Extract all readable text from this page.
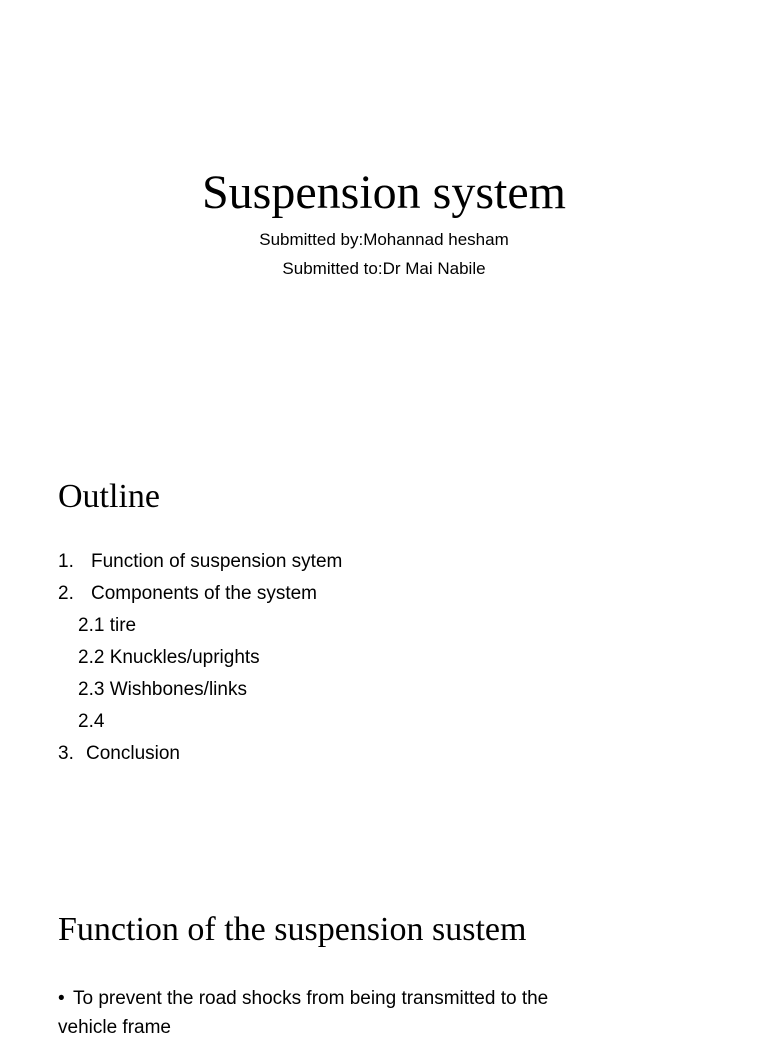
Suspension system

Submitted by:Mohannad hesham

Submitted to:Dr Mai Nabile

Outline
1. Function of suspension sytem
2. Components of the system
2.1 tire
2.2 Knuckles/uprights
2.3 Wishbones/links
2.4
3. Conclusion
Function of the suspension sustem
• To prevent the road shocks from being transmitted to the vehicle frame
